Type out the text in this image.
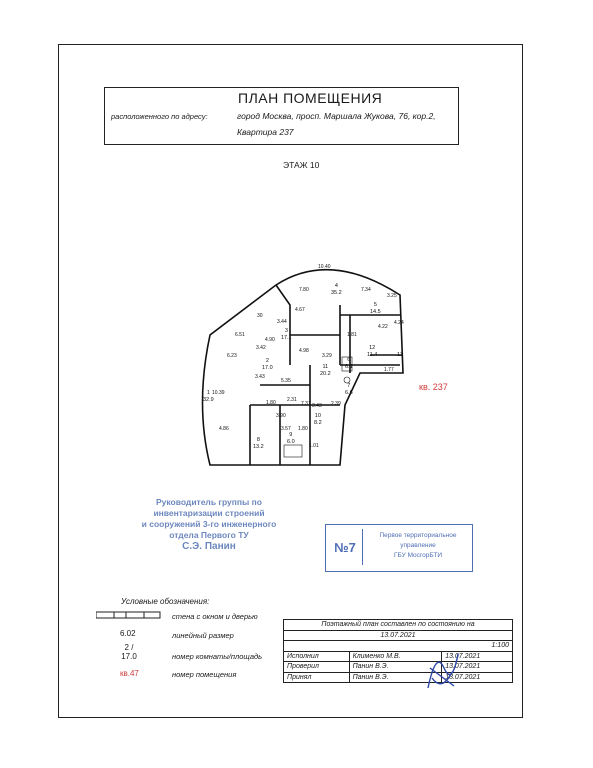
ПЛАН ПОМЕЩЕНИЯ
расположенного по адресу:	город Москва, просп. Маршала Жукова, 76, кор.2,
Квартира 237
ЭТАЖ 10
1
32.9
2
17.0
3
17.1
4
35.2
5
14.5
6
6.1
7
6.6
8
13.2
9
6.0
10
8.2
11
20.2
12
11.4	13
10.40
7.80	7.34
3.25
4.67
3.44
30
6.51
3.42
4.90
6.23
4.98
1.81
3.29
4.24
4.22
10.39
3.43
5.35
1.80 2.31
3.90
7.31	2.39
3.43
1.77
4.86	3.57 1.80
1.01
кв. 237
Руководитель группы по
инвентаризации строений
и сооружений 3-го инженерного
отдела Первого ТУ
С.Э. Панин	№7
Первое территориальное
управление
ГБУ МосгорБТИ
Условные обозначения:
стена с окном и дверью
6.02	линейный размер
2 / 17.0	номер комнаты/площадь
кв.47	номер помещения
Поэтажный план составлен по состоянию на		
13.07.2021		
1:100		
Исполнил	Клименко М.В.	13.07.2021
Проверил	Панин В.Э.	13.07.2021
Принял	Панин В.Э.	13.07.2021
